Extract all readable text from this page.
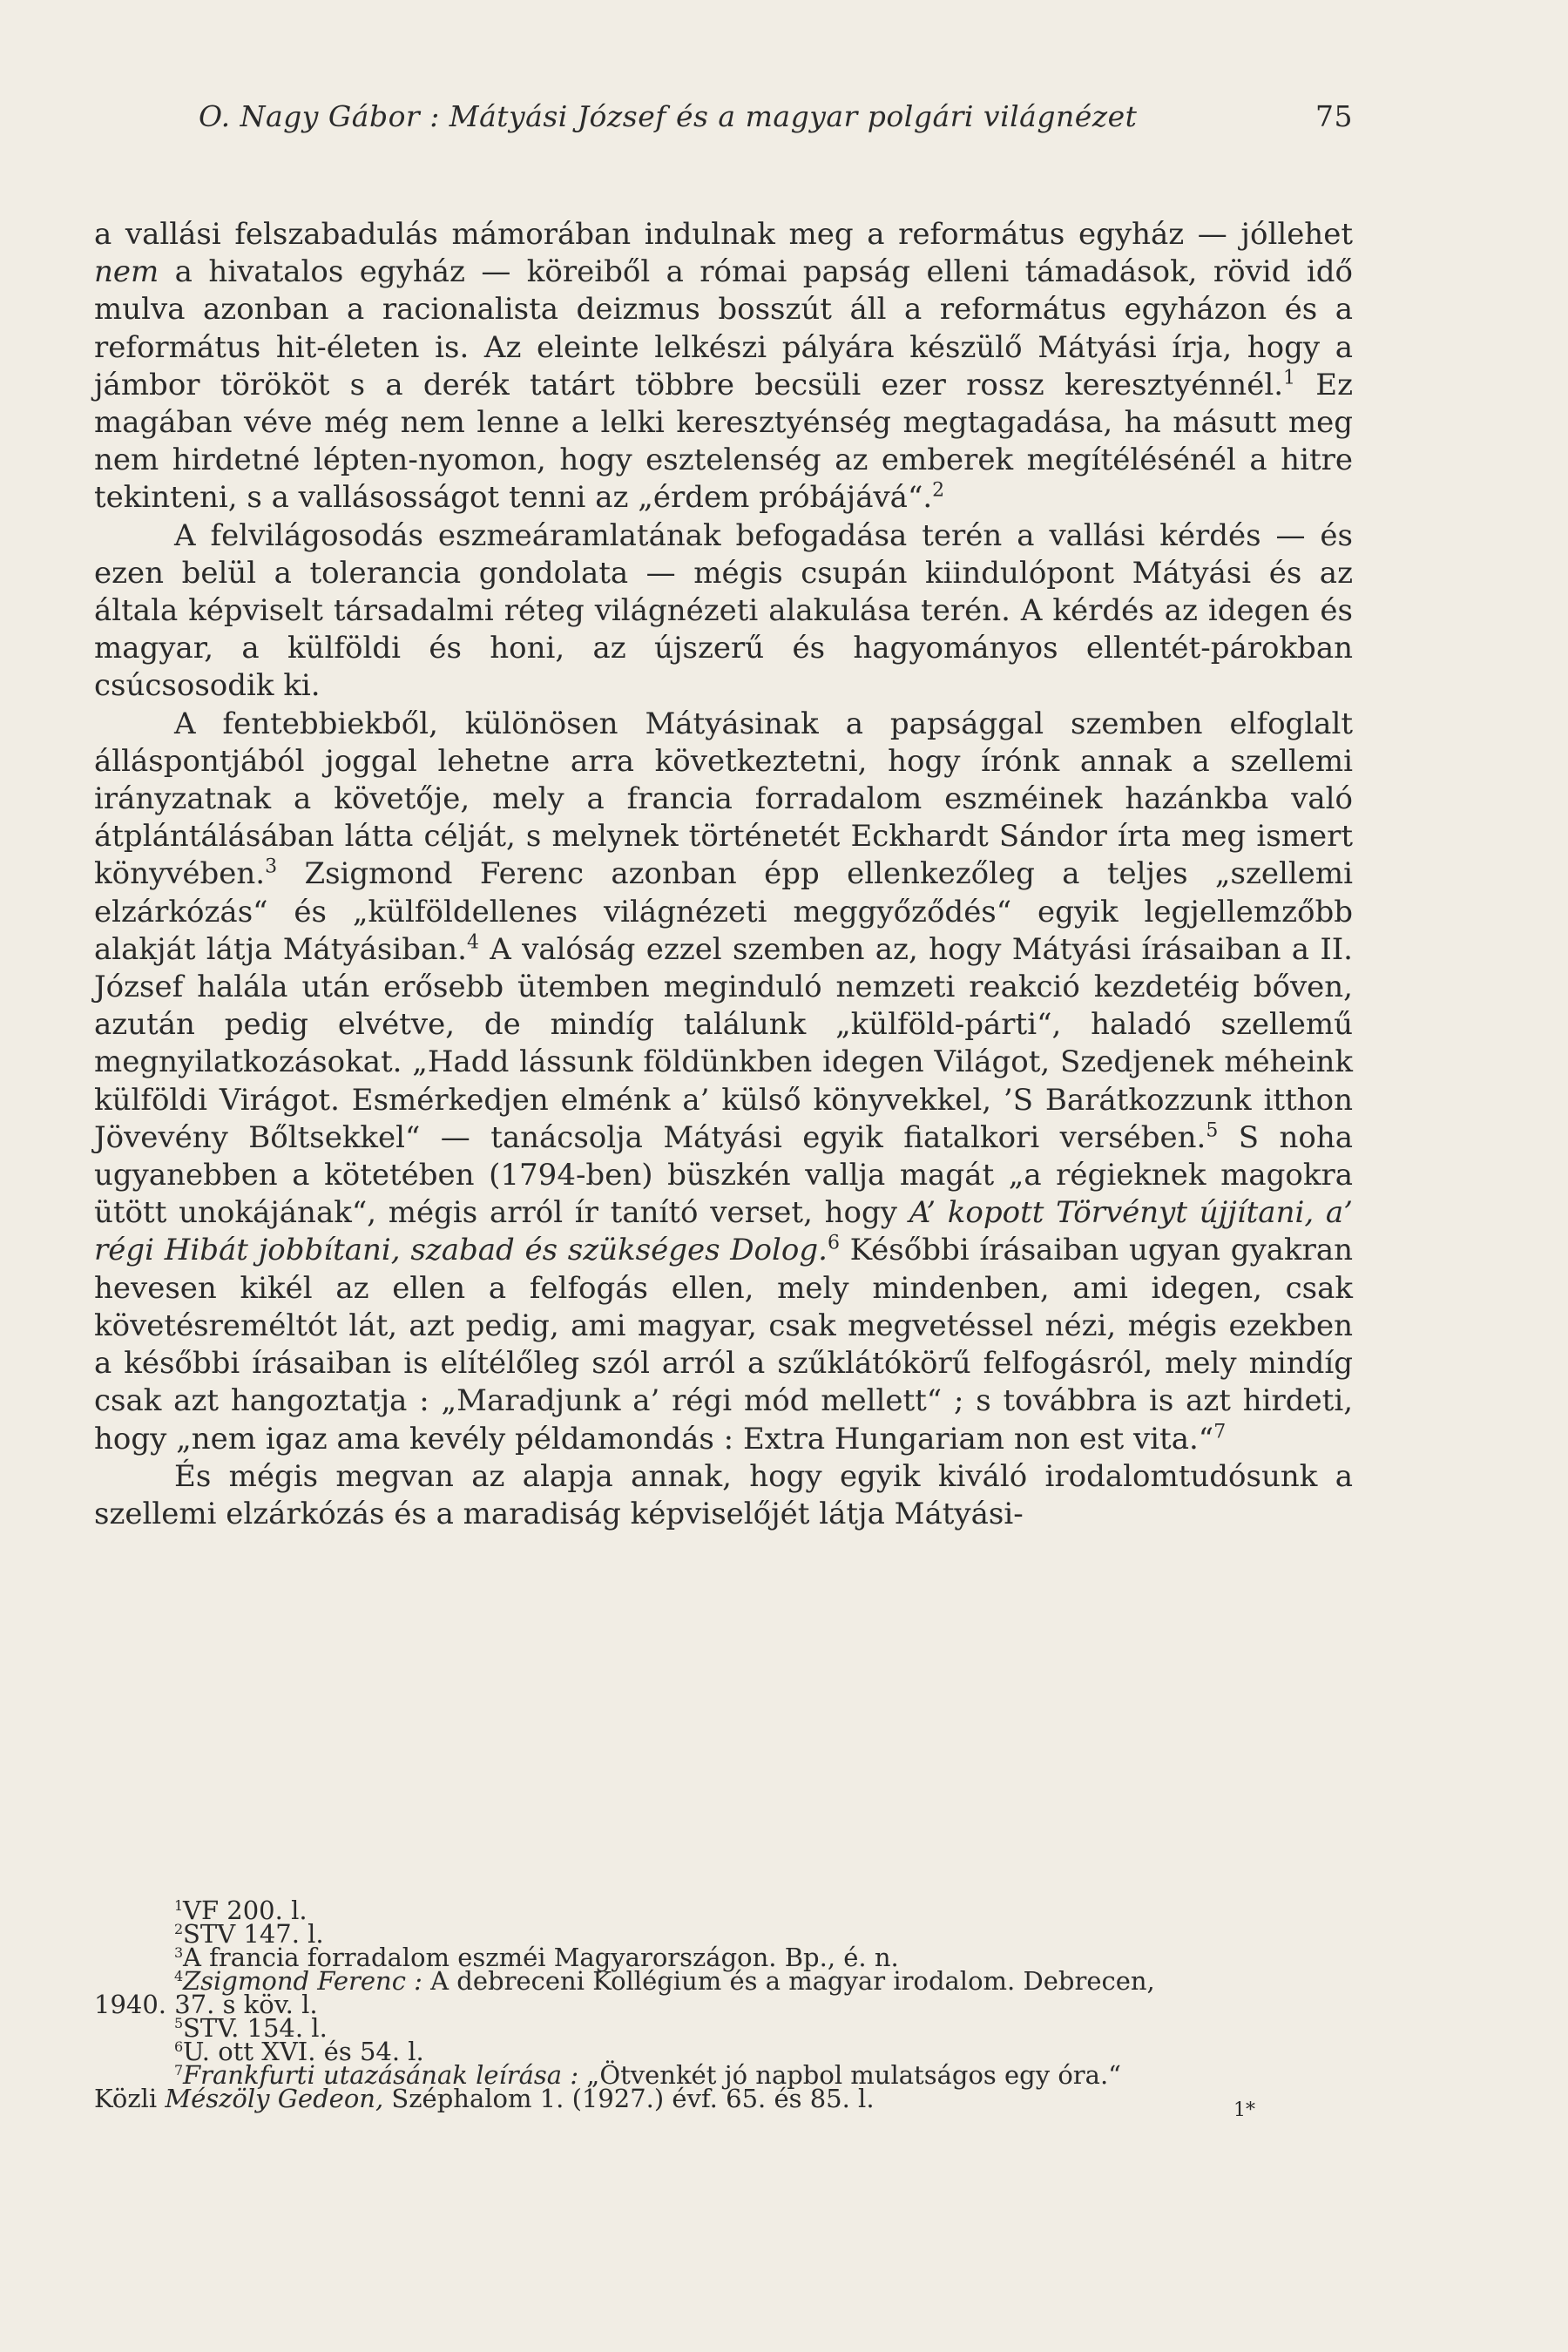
O. Nagy Gábor : Mátyási József és a magyar polgári világnézet	75

a vallási felszabadulás mámorában indulnak meg a református egyház — jóllehet nem a hivatalos egyház — köreiből a római papság elleni támadások, rövid idő mulva azonban a racionalista deizmus bosszút áll a református egyházon és a református hit-életen is. Az eleinte lelkészi pályára készülő Mátyási írja, hogy a jámbor törököt s a derék tatárt többre becsüli ezer rossz keresztyénnél.$^1$ Ez magában véve még nem lenne a lelki keresztyénség megtagadása, ha másutt meg nem hirdetné lépten-nyomon, hogy esztelenség az emberek megítélésénél a hitre tekinteni, s a vallásosságot tenni az „érdem próbájává“.$^2$

A felvilágosodás eszmeáramlatának befogadása terén a vallási kérdés — és ezen belül a tolerancia gondolata — mégis csupán kiindulópont Mátyási és az általa képviselt társadalmi réteg világnézeti alakulása terén. A kérdés az idegen és magyar, a külföldi és honi, az újszerű és hagyományos ellentét-párokban csúcsosodik ki.

A fentebbiekből, különösen Mátyásinak a papsággal szemben elfoglalt álláspontjából joggal lehetne arra következtetni, hogy írónk annak a szellemi irányzatnak a követője, mely a francia forradalom eszméinek hazánkba való átplántálásában látta célját, s melynek történetét Eckhardt Sándor írta meg ismert könyvében.$^3$ Zsigmond Ferenc azonban épp ellenkezőleg a teljes „szellemi elzárkózás“ és „külföldellenes világnézeti meggyőződés“ egyik legjellemzőbb alakját látja Mátyásiban.$^4$ A valóság ezzel szemben az, hogy Mátyási írásaiban a II. József halála után erősebb ütemben meginduló nemzeti reakció kezdetéig bőven, azután pedig elvétve, de mindíg találunk „külföld-párti“, haladó szellemű megnyilatkozásokat. „Hadd lássunk földünkben idegen Világot, Szedjenek méheink külföldi Virágot. Esmérkedjen elménk a’ külső könyvekkel, ’S Barátkozzunk itthon Jövevény Bőltsekkel“ — tanácsolja Mátyási egyik fiatalkori versében.$^5$ S noha ugyanebben a kötetében (1794-ben) büszkén vallja magát „a régieknek magokra ütött unokájának“, mégis arról ír tanító verset, hogy A’ kopott Törvényt újjítani, a’ régi Hibát jobbítani, szabad és szükséges Dolog.$^6$ Későbbi írásaiban ugyan gyakran hevesen kikél az ellen a felfogás ellen, mely mindenben, ami idegen, csak követésreméltót lát, azt pedig, ami magyar, csak megvetéssel nézi, mégis ezekben a későbbi írásaiban is elítélőleg szól arról a szűklátókörű felfogásról, mely mindíg csak azt hangoztatja : „Maradjunk a’ régi mód mellett“ ; s továbbra is azt hirdeti, hogy „nem igaz ama kevély példamondás : Extra Hungariam non est vita.“$^7$

És mégis megvan az alapja annak, hogy egyik kiváló irodalomtudósunk a szellemi elzárkózás és a maradiság képviselőjét látja Mátyási-

1 VF 200. l.
2 STV 147. l.
3 A francia forradalom eszméi Magyarországon. Bp., é. n.
4 Zsigmond Ferenc : A debreceni Kollégium és a magyar irodalom. Debrecen,
1940. 37. s köv. l.
5 STV. 154. l.
6 U. ott XVI. és 54. l.
7 Frankfurti utazásának leírása : „Ötvenkét jó napbol mulatságos egy óra.“
Közli Mészöly Gedeon, Széphalom 1. (1927.) évf. 65. és 85. l.	1*
